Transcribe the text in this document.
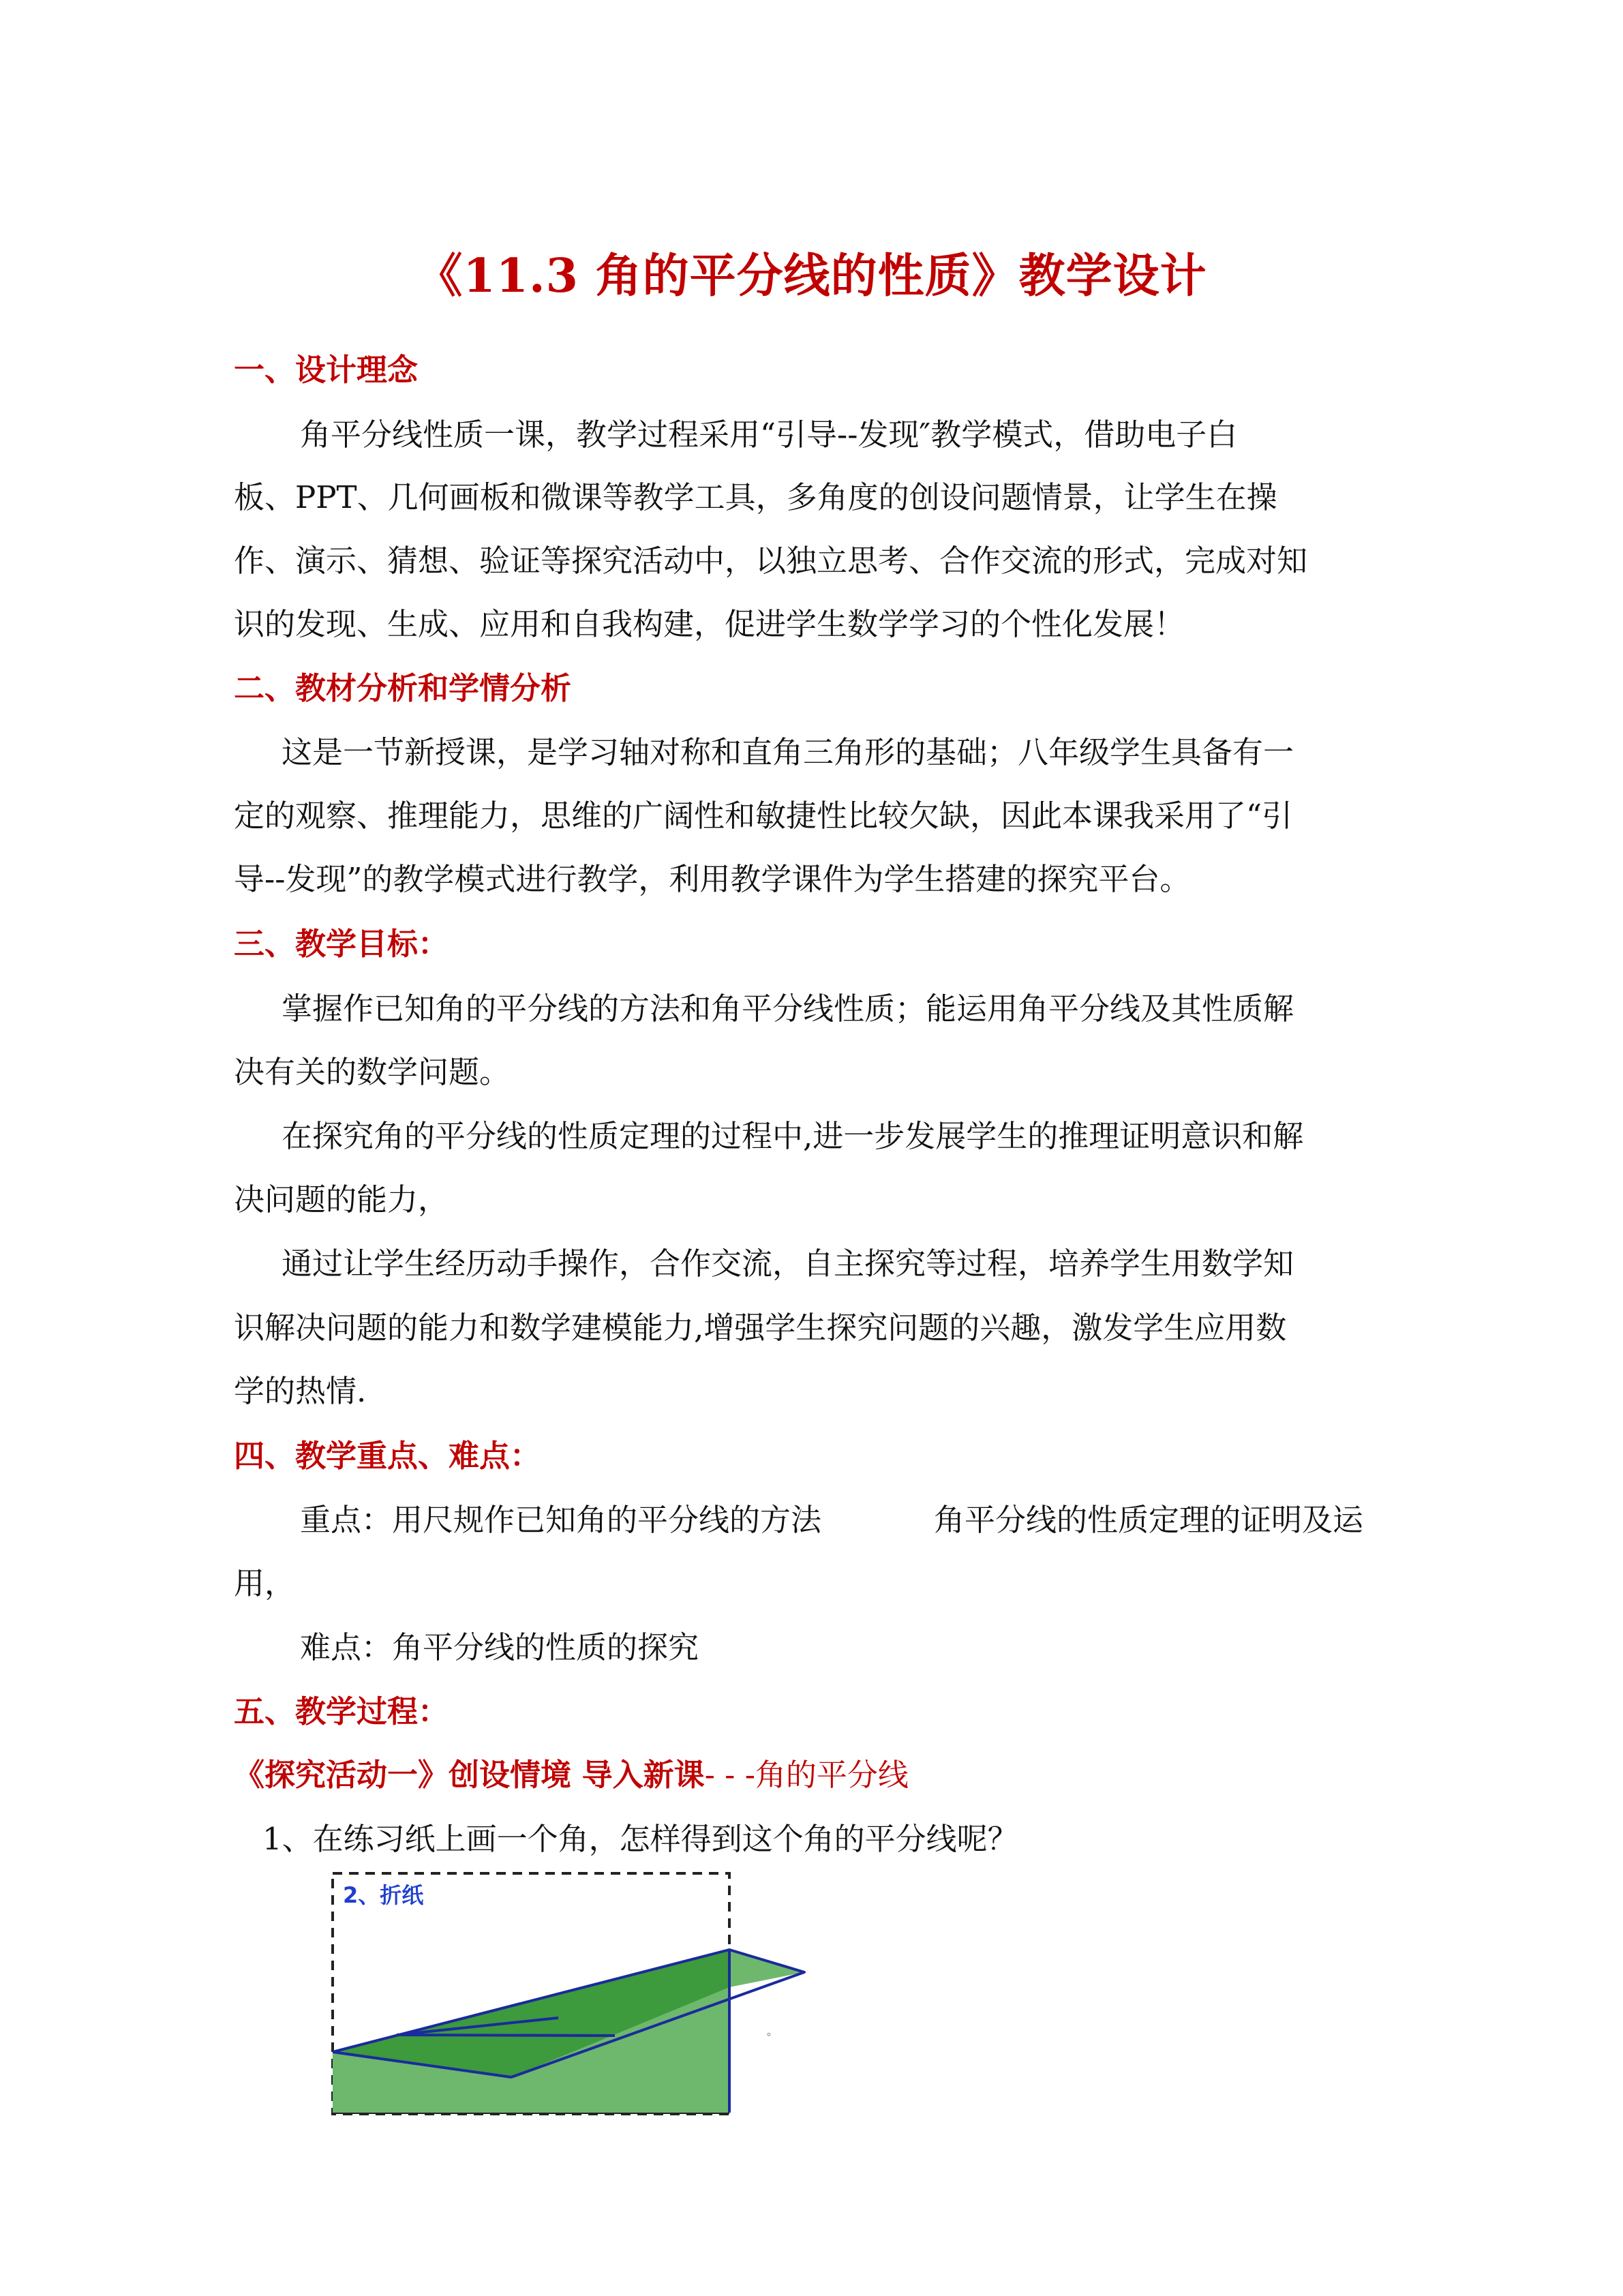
《11.3 角的平分线的性质》教学设计
一、设计理念
角平分线性质一课，教学过程采用“引导--发现″教学模式，借助电子白
板、PPT、几何画板和微课等教学工具，多角度的创设问题情景，让学生在操
作、演示、猜想、验证等探究活动中，以独立思考、合作交流的形式，完成对知
识的发现、生成、应用和自我构建，促进学生数学学习的个性化发展！
二、教材分析和学情分析
这是一节新授课，是学习轴对称和直角三角形的基础；八年级学生具备有一
定的观察、推理能力，思维的广阔性和敏捷性比较欠缺，因此本课我采用了“引
导--发现”的教学模式进行教学，利用教学课件为学生搭建的探究平台。
三、教学目标：
掌握作已知角的平分线的方法和角平分线性质；能运用角平分线及其性质解
决有关的数学问题。
在探究角的平分线的性质定理的过程中,进一步发展学生的推理证明意识和解
决问题的能力，
通过让学生经历动手操作，合作交流，自主探究等过程，培养学生用数学知
识解决问题的能力和数学建模能力,增强学生探究问题的兴趣，激发学生应用数
学的热情.
四、教学重点、难点：
重点：用尺规作已知角的平分线的方法	角平分线的性质定理的证明及运
用，
难点：角平分线的性质的探究
五、教学过程：
《探究活动一》创设情境 导入新课- - -角的平分线
1、在练习纸上画一个角，怎样得到这个角的平分线呢？
2、折纸
。
